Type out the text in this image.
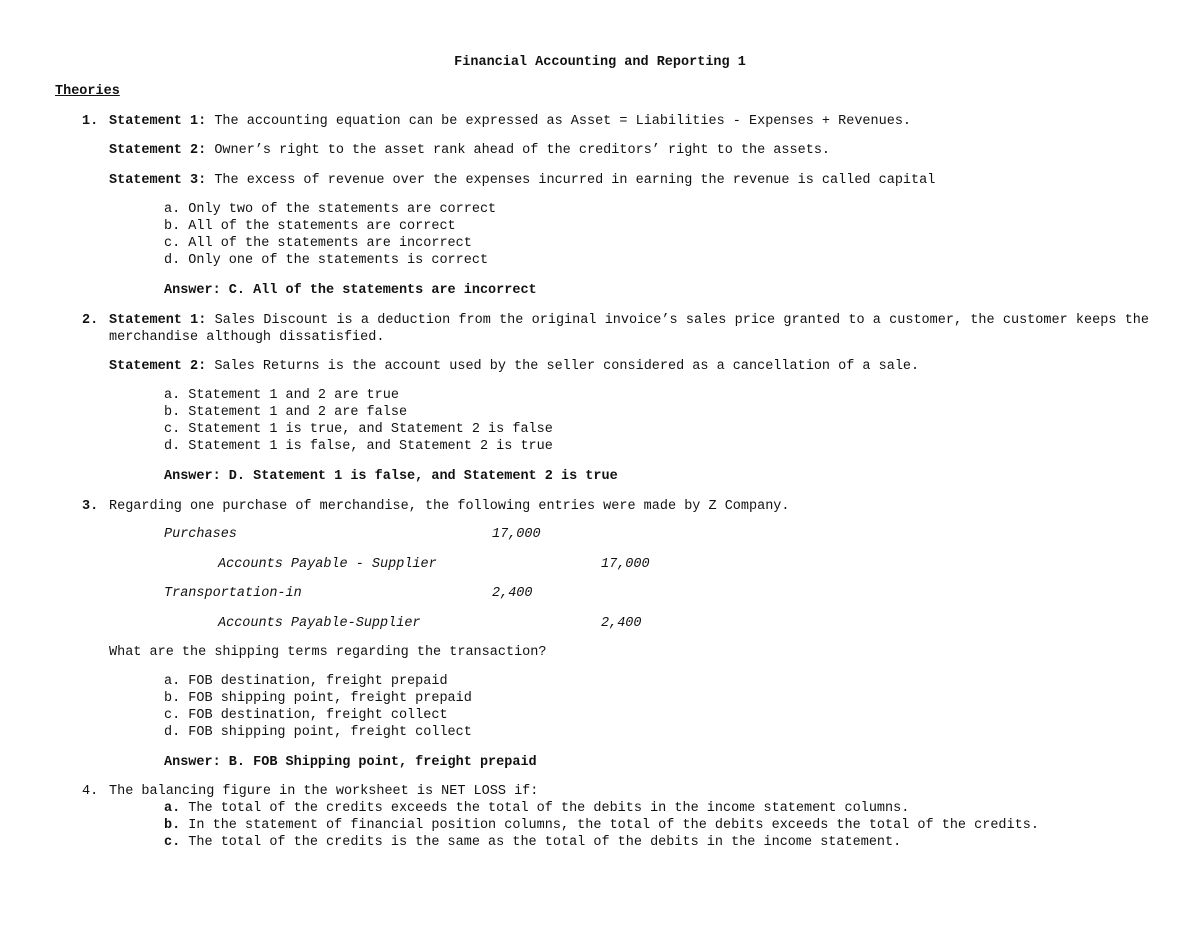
Financial Accounting and Reporting 1
Theories
1. Statement 1: The accounting equation can be expressed as Asset = Liabilities - Expenses + Revenues.
Statement 2: Owner’s right to the asset rank ahead of the creditors’ right to the assets.
Statement 3: The excess of revenue over the expenses incurred in earning the revenue is called capital
a. Only two of the statements are correct
b. All of the statements are correct
c. All of the statements are incorrect
d. Only one of the statements is correct
Answer: C. All of the statements are incorrect
2. Statement 1: Sales Discount is a deduction from the original invoice’s sales price granted to a customer, the customer keeps the merchandise although dissatisfied.
Statement 2: Sales Returns is the account used by the seller considered as a cancellation of a sale.
a. Statement 1 and 2 are true
b. Statement 1 and 2 are false
c. Statement 1 is true, and Statement 2 is false
d. Statement 1 is false, and Statement 2 is true
Answer: D. Statement 1 is false, and Statement 2 is true
3. Regarding one purchase of merchandise, the following entries were made by Z Company.
Purchases	17,000
Accounts Payable - Supplier	17,000
Transportation-in	2,400
Accounts Payable-Supplier	2,400
What are the shipping terms regarding the transaction?
a. FOB destination, freight prepaid
b. FOB shipping point, freight prepaid
c. FOB destination, freight collect
d. FOB shipping point, freight collect
Answer: B. FOB Shipping point, freight prepaid
4. The balancing figure in the worksheet is NET LOSS if:
a. The total of the credits exceeds the total of the debits in the income statement columns.
b. In the statement of financial position columns, the total of the debits exceeds the total of the credits.
c. The total of the credits is the same as the total of the debits in the income statement.
